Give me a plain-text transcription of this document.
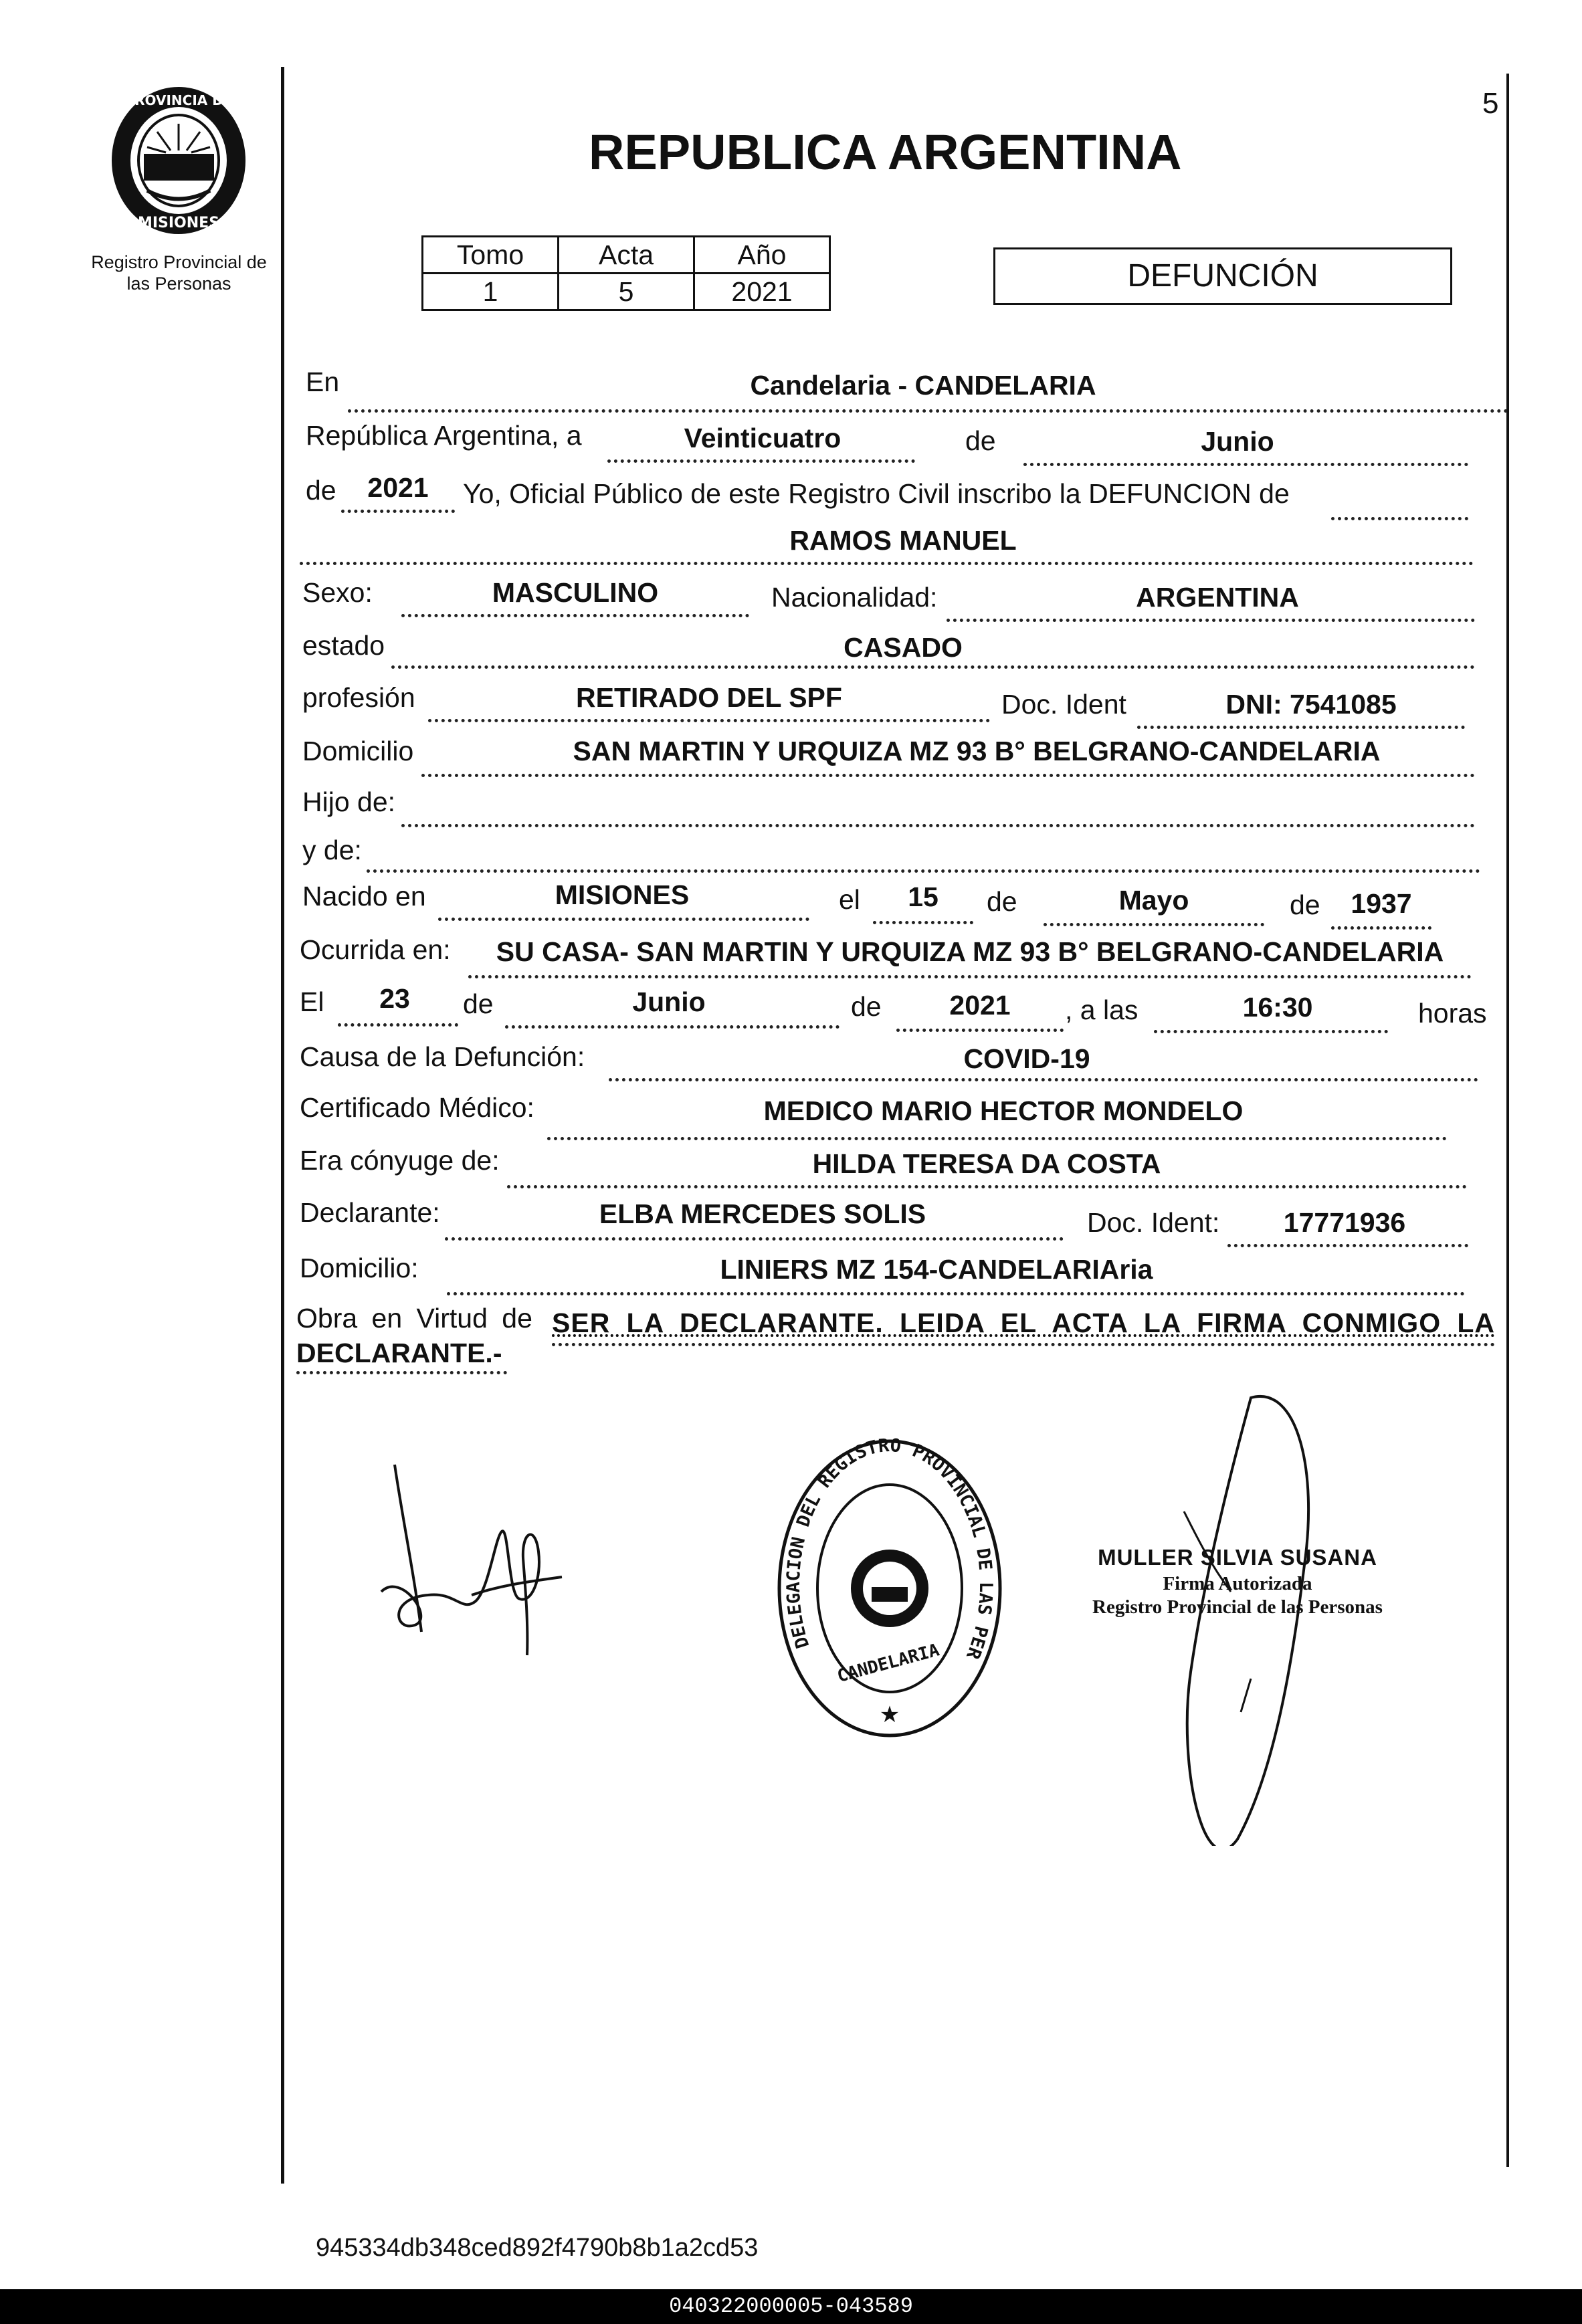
5
PROVINCIA DE
MISIONES
Registro Provincial de
las Personas
REPUBLICA ARGENTINA
Tomo	Acta	Año
1	5	2021	DEFUNCIÓN
En	Candelaria - CANDELARIA
República Argentina, a	Veinticuatro	de	Junio
de	2021	Yo, Oficial Público de este Registro Civil inscribo la DEFUNCION de
RAMOS MANUEL
Sexo:	MASCULINO	Nacionalidad:	ARGENTINA
estado	CASADO
profesión	RETIRADO DEL SPF	Doc. Ident	DNI: 7541085
Domicilio	SAN MARTIN Y URQUIZA MZ 93 B° BELGRANO-CANDELARIA
Hijo de:
y de:
Nacido en	MISIONES	el	15	de	Mayo	de	1937
Ocurrida en:	SU CASA- SAN MARTIN Y URQUIZA MZ 93 B° BELGRANO-CANDELARIA
El	23	de	Junio	de	2021	, a las	16:30	horas
Causa de la Defunción:	COVID-19
Certificado Médico:	MEDICO MARIO HECTOR MONDELO
Era cónyuge de:	HILDA TERESA DA COSTA
Declarante:	ELBA MERCEDES SOLIS	Doc. Ident:	17771936
Domicilio:	LINIERS MZ 154-CANDELARIAria
Obra en Virtud de SER LA DECLARANTE. LEIDA EL ACTA LA FIRMA CONMIGO LA
DECLARANTE.-
DELEGACION DEL REGISTRO PROVINCIAL DE LAS PER
CANDELARIA
★
MULLER SILVIA SUSANA
Firma Autorizada
Registro Provincial de las Personas
945334db348ced892f4790b8b1a2cd53
040322000005-043589
